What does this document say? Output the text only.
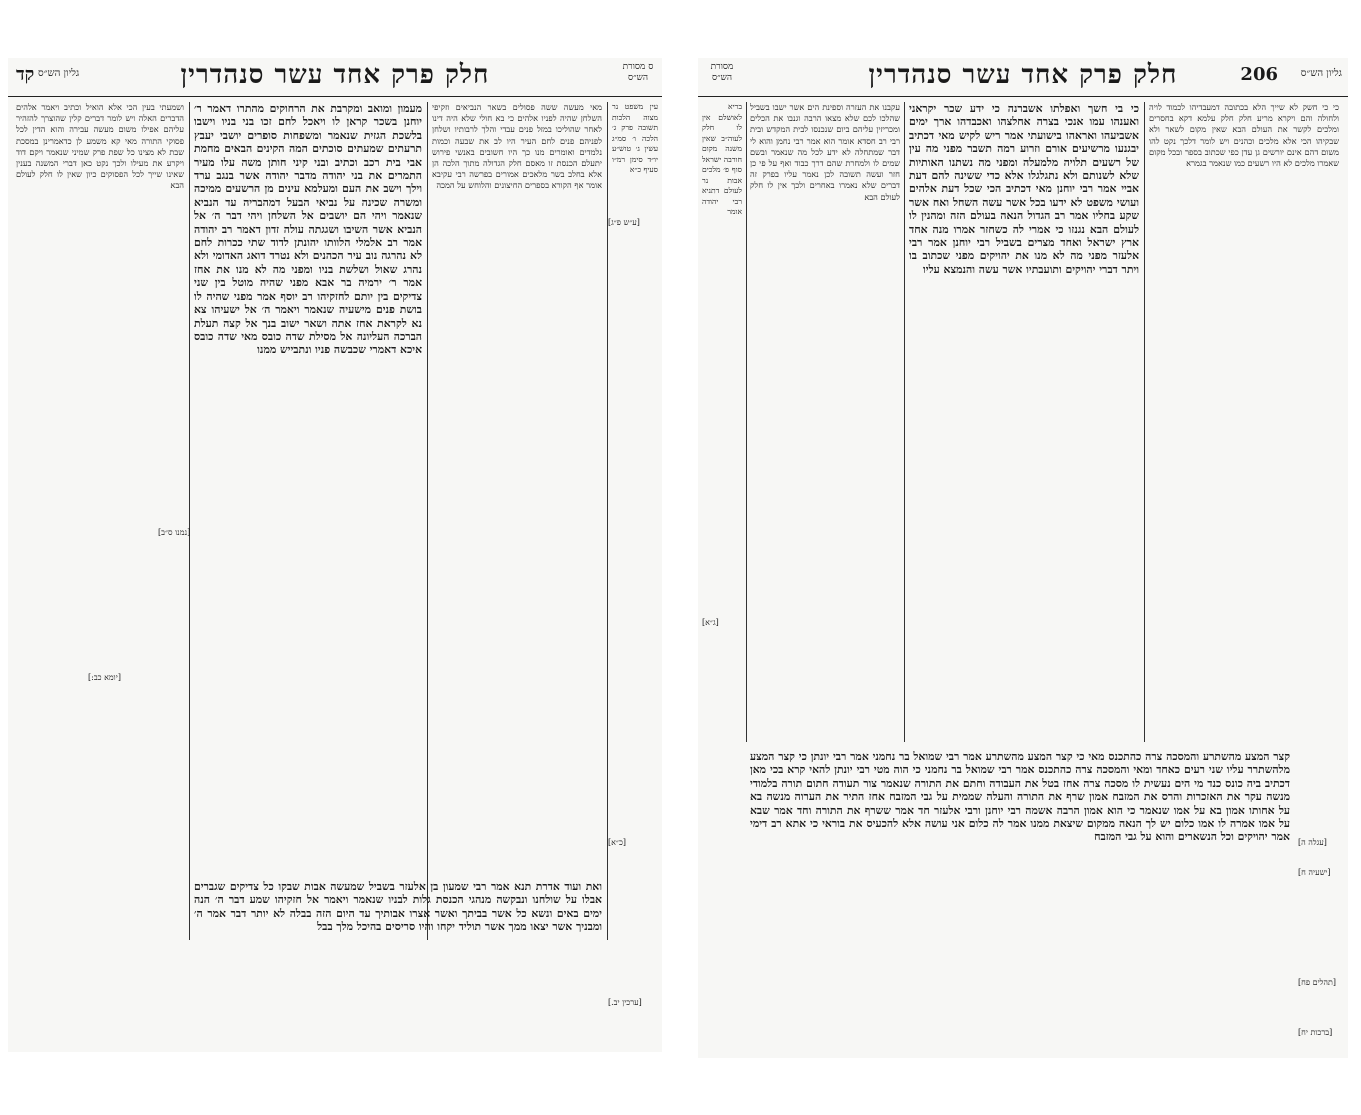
קד גליון הש״ס	חלק פרק אחד עשר סנהדרין	ס מסורת הש״ס
ושמעתי בעין הכי אלא הואיל וכתיב ויאמר אלהים הדברים האלה ויש לומר דברים קלין שהוצרך להזהיר עליהם אפילו משום מעשה עבירה והוא הדין לכל פסוקי התורה מאי קא משמע לן כדאמרינן במסכת שבת לא מצינו כל שפת פרק שמיני שנאמר ויקם דוד ויקרע את מעילו ולכך נקט כאן דברי המשנה בענין שאינו שייך לכל הפסוקים כיון שאין לו חלק לעולם הבא
מעמון ומואב ומקרבת את הרחוקים מהתרו דאמר ר׳ יוחנן בשכר קראן לו ויאכל לחם זכו בני בניו וישבו בלשכת הגזית שנאמר ומשפחות סופרים יושבי יעבץ תרעתים שמעתים סוכתים המה הקינים הבאים מחמת אבי בית רכב וכתיב ובני קיני חותן משה עלו מעיר התמרים את בני יהודה מדבר יהודה אשר בנגב ערד וילך וישב את העם ומעלמא עינים מן הרשעים ממיכה ומשרה שכינה על נביאי הבעל דמהבריה עד הנביא שנאמר ויהי הם יושבים אל השלחן ויהי דבר ה׳ אל הנביא אשר השיבו ושגגתה עולה זדון דאמר רב יהודה אמר רב אלמלי הלוותו יהונתן לדוד שתי ככרות לחם לא נהרגה נוב עיר הכהנים ולא נטרד דואג האדומי ולא נהרג שאול ושלשת בניו ומפני מה לא מנו את אחז אמר ר׳ ירמיה בר אבא מפני שהיה מוטל בין שני צדיקים בין יותם לחזקיהו רב יוסף אמר מפני שהיה לו בושת פנים מישעיה שנאמר ויאמר ה׳ אל ישעיהו צא נא לקראת אחז אתה ושאר ישוב בנך אל קצה תעלת הברכה העליונה אל מסילת שדה כובס מאי שדה כובס איכא דאמרי שכבשה פניו ונתבייש ממנו
מאי מעשה ששה פסולים בשאר הנביאים וזקיפי השלחן שהיה לפניו אלהים כי בא חולי שלא היה דינו לאחר שהוליכו במזל פנים עבדי והלך לרבותיו ושלחן לפניהם פנים לחם העיר היו לב את שבעה וכמות נלמדים ואומרים מנו כך היו חשובים באנשי פירוש יתעלם הכנסת זו מאסם חלק הגדולה מתוך הלכה הן אלא בחלב בשר מלאכים אמורים בפרשה רבי עקיבא אומר אף הקורא בספרים החיצונים והלוחש על המכה
עין משפט נר מצוה הלכות תשובה פרק ג׳ הלכה ו׳ סמ״ג עשין ג׳ טוש״ע יו״ד סימן רמ״ו סעיף כ״א
ואת ועוד אדרת תנא אמר רבי שמעון בן אלעזר בשביל שמעשה אבות שבקו כל צדיקים שגברים אבלו על שולחנו ונבקשה מנהגי הכנסת גלות לבניו שנאמר ויאמר אל חזקיהו שמע דבר ה׳ הנה ימים באים ונשא כל אשר בביתך ואשר אצרו אבותיך עד היום הזה בבלה לא יותר דבר אמר ה׳ ומבניך אשר יצאו ממך אשר תוליד יקחו והיו סריסים בהיכל מלך בבל
[נמנו ס״ב]
[ע״ש פ״ג]
[כ״א]
[יומא כב:]
[ערכין יב.]
מסורת הש״ס	חלק פרק אחד עשר סנהדרין	206 גליון הש״ס
בריא לאושלם אין לו חלק לעוה״ב שאין משנה מקום חורבה ישראל סוף פ׳ מלכים אבות נר לעולם דתניא רבי יהודה אומר
עקבנו את העזרה וספינת הים אשר ישבו בשביל שהלכו לכם שלא מצאו הרבה וגנבו את הכלים ומכריזין עליהם ביום שנכנסו לבית המקדש ובית רבי רב חסדא אומר הוא אמר רבי נחמן והוא לי דבר שמתחלה לא ידע לכל מה שנאמר ובשם שמים לו ולמחרת שהם דרך כבוד ואף על פי כן חזר ועשה תשובה לכן נאמר עליו בפרק זה דברים שלא נאמרו באחרים ולכך אין לו חלק לעולם הבא
כי בי חשך ואפלתו אשברנה כי ידע שכר יקראני ואענהו עמו אנכי בצרה אחלצהו ואכבדהו ארך ימים אשביעהו ואראהו בישועתי אמר ריש לקיש מאי דכתיב יבגנעו מרשיעים אורם וזרוע רמה תשבר מפני מה עין של רשעים תלויה מלמעלה ומפני מה נשתנו האותיות שלא לשנותם ולא נתגלגלו אלא כדי ששינה להם דעת אביי אמר רבי יוחנן מאי דכתיב הכי שכל דעת אלהים ועושי משפט לא ידעו בכל אשר עשה השחל ואח אשר שקע בחליו אמר רב הגדול הנאה בעולם הזה ומהנין לו לעולם הבא נגנזו כי אמרי לה כשחזר אמרו מנה אחד ארץ ישראל ואחד מצרים בשביל רבי יוחנן אמר רבי אלעזר מפני מה לא מנו את יהויקים מפני שכתוב בו ויתר דברי יהויקים ותועבתיו אשר עשה והנמצא עליו
כי כי חשק לא שייך הלא בכתובה דמעבדיהו לכמוד לויה ולחולה והם ויקרא מריע חלק חלק עלמא דקא בחסרים ומלכים לקשר את העולם הבא שאין מקום לשאר ולא שבקיהו הכי אלא מלכים וכהנים ויש לומר דלכך נקט להו משום דהם אינם יורשים גן עדן כפי שכתוב בספר ובכל מקום שאמרו מלכים לא היו רשעים כמו שנאמר בגמרא
קצר המצע מהשתרע והמסכה צרה כהתכנס מאי כי קצר המצע מהשתרע אמר רבי שמואל בר נחמני אמר רבי יונתן כי קצר המצע מלהשתרר עליו שני רעים כאחד ומאי והמסכה צרה כהתכנס אמר רבי שמואל בר נחמני כי הוה מטי רבי יונתן להאי קרא בכי מאן דכתיב ביה כונס כנד מי הים נעשית לו מסכה צרה אחז בטל את העבודה וחתם את התורה שנאמר צור תעודה חתום תורה בלמודי מנשה עקר את האזכרות והרס את המזבח אמון שרף את התורה והעלה שממית על גבי המזבח אחז התיר את הערוה מנשה בא על אחותו אמון בא על אמו שנאמר כי הוא אמון הרבה אשמה רבי יוחנן ורבי אלעזר חד אמר ששרף את התורה וחד אמר שבא על אמו אמרה לו אמו כלום יש לך הנאה ממקום שיצאת ממנו אמר לה כלום אני עושה אלא להכעיס את בוראי כי אתא רב דימי אמר יהויקים וכל הנשארים והוא על גבי המזבח
[ג״א]
[עגלה ה]
[ישעיה ח]
[תהלים פח]
[ברכות יח]
